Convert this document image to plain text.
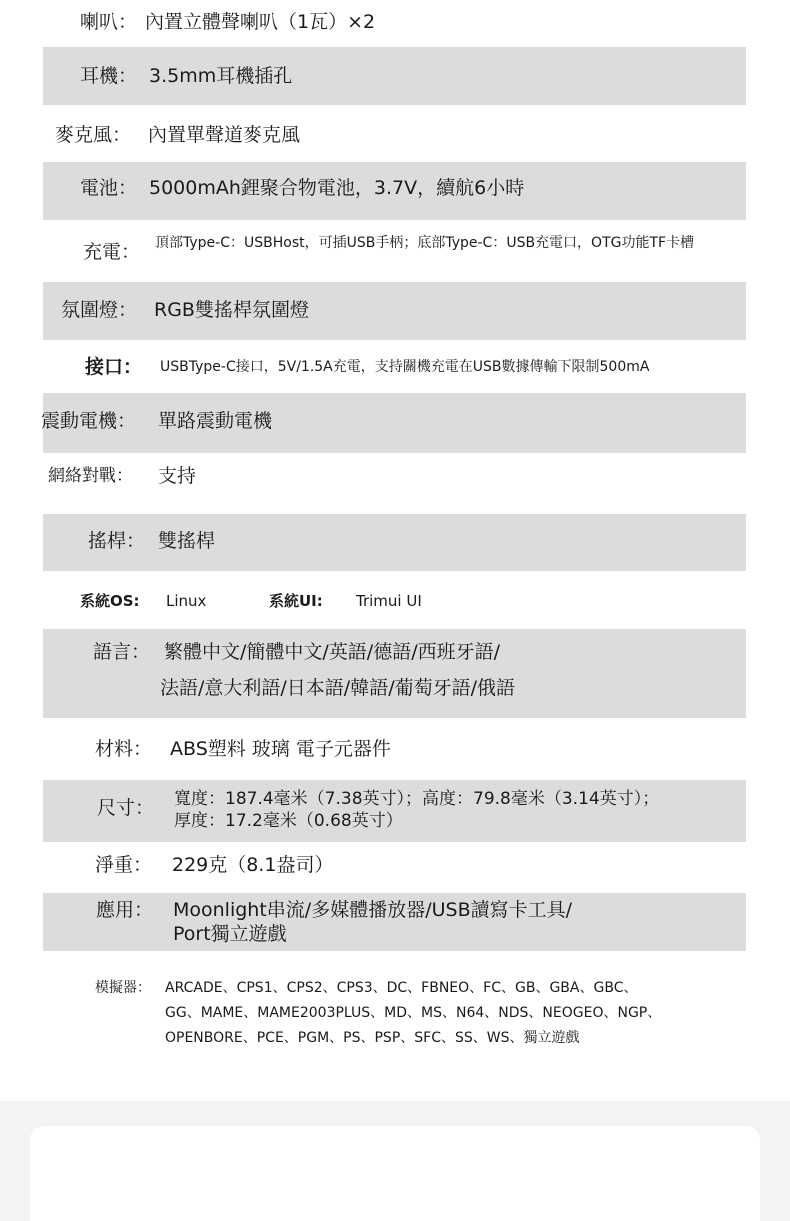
喇叭： 內置立體聲喇叭（1瓦）×2
耳機： 3.5mm耳機插孔
麥克風： 內置單聲道麥克風
電池： 5000mAh鋰聚合物電池，3.7V，續航6小時
充電： 頂部Type-C：USBHost，可插USB手柄；底部Type-C：USB充電口，OTG功能TF卡槽
氛圍燈： RGB雙搖桿氛圍燈
接口： USBType-C接口，5V/1.5A充電，支持關機充電在USB數據傳輸下限制500mA
震動電機： 單路震動電機
網絡對戰： 支持
搖桿： 雙搖桿
系統OS: Linux	系統UI: Trimui UI
語言： 繁體中文/簡體中文/英語/德語/西班牙語/
法語/意大利語/日本語/韓語/葡萄牙語/俄語
材料： ABS塑料 玻璃 電子元器件
尺寸： 寬度：187.4毫米（7.38英寸）；高度：79.8毫米（3.14英寸）；
厚度：17.2毫米（0.68英寸）
淨重： 229克（8.1盎司）
應用： Moonlight串流/多媒體播放器/USB讀寫卡工具/
Port獨立遊戲
模擬器： ARCADE、CPS1、CPS2、CPS3、DC、FBNEO、FC、GB、GBA、GBC、
GG、MAME、MAME2003PLUS、MD、MS、N64、NDS、NEOGEO、NGP、
OPENBORE、PCE、PGM、PS、PSP、SFC、SS、WS、獨立遊戲
